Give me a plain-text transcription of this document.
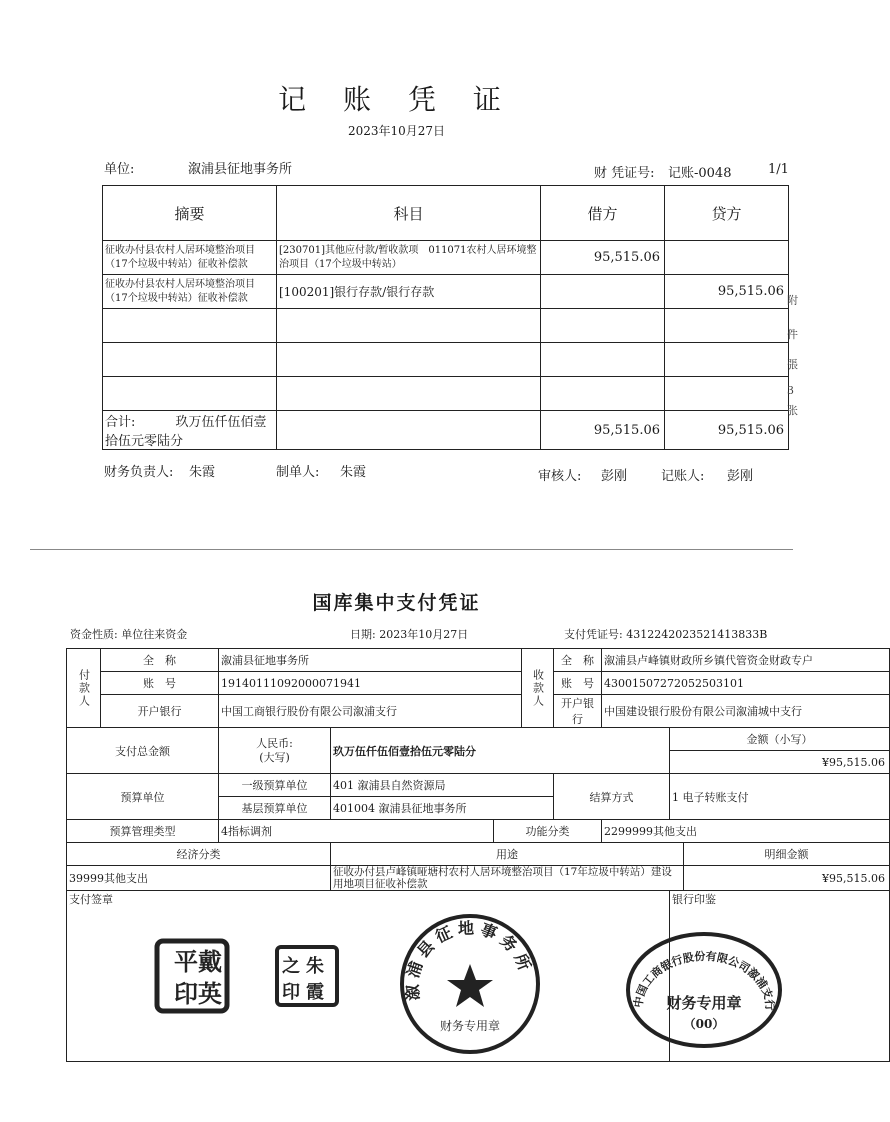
记 账 凭 证
2023年10月27日
单位:	溆浦县征地事务所	财 凭证号: 记账-0048	1/1
摘要	科目	借方	贷方
征收办付县农村人居环境整治项目（17个垃圾中转站）征收补偿款	[230701]其他应付款/暂收款项　011071农村人居环境整治项目（17个垃圾中转站）	95,515.06	
征收办付县农村人居环境整治项目（17个垃圾中转站）征收补偿款	[100201]银行存款/银行存款		95,515.06

合计: 玖万伍仟伍佰壹拾伍元零陆分		95,515.06	95,515.06
附
件
張
3
张
财务负责人: 朱霞	制单人: 朱霞	审核人: 彭刚	记账人: 彭刚
国库集中支付凭证
资金性质: 单位往来资金	日期: 2023年10月27日	支付凭证号: 4312242023521413833B
付款人	全　称	溆浦县征地事务所			收款人	全　称	溆浦县卢峰镇财政所乡镇代管资金财政专户		
	账　号	19140111092000071941				账　号	43001507272052503101		
	开户银行	中国工商银行股份有限公司溆浦支行				开户银行	中国建设银行股份有限公司溆浦城中支行		
支付总金额		人民币:
(大写)	玖万伍仟伍佰壹拾伍元零陆分					金额（小写）	
								¥95,515.06	
预算单位		一级预算单位	401 溆浦县自然资源局			结算方式		1 电子转账支付	
		基层预算单位	401004 溆浦县征地事务所						
预算管理类型		4指标调剂		功能分类			2299999其他支出		
经济分类			用途						明细金额
39999其他支出			征收办付县卢峰镇哑塘村农村人居环境整治项目（17年垃圾中转站）建设用地项目征收补偿款						¥95,515.06
支付签章								银行印鉴	
平 戴
印 英
之 朱
印 霞	溆浦县征地事务所
财务专用章
中国工商银行股份有限公司溆浦支行
财务专用章
（00）
